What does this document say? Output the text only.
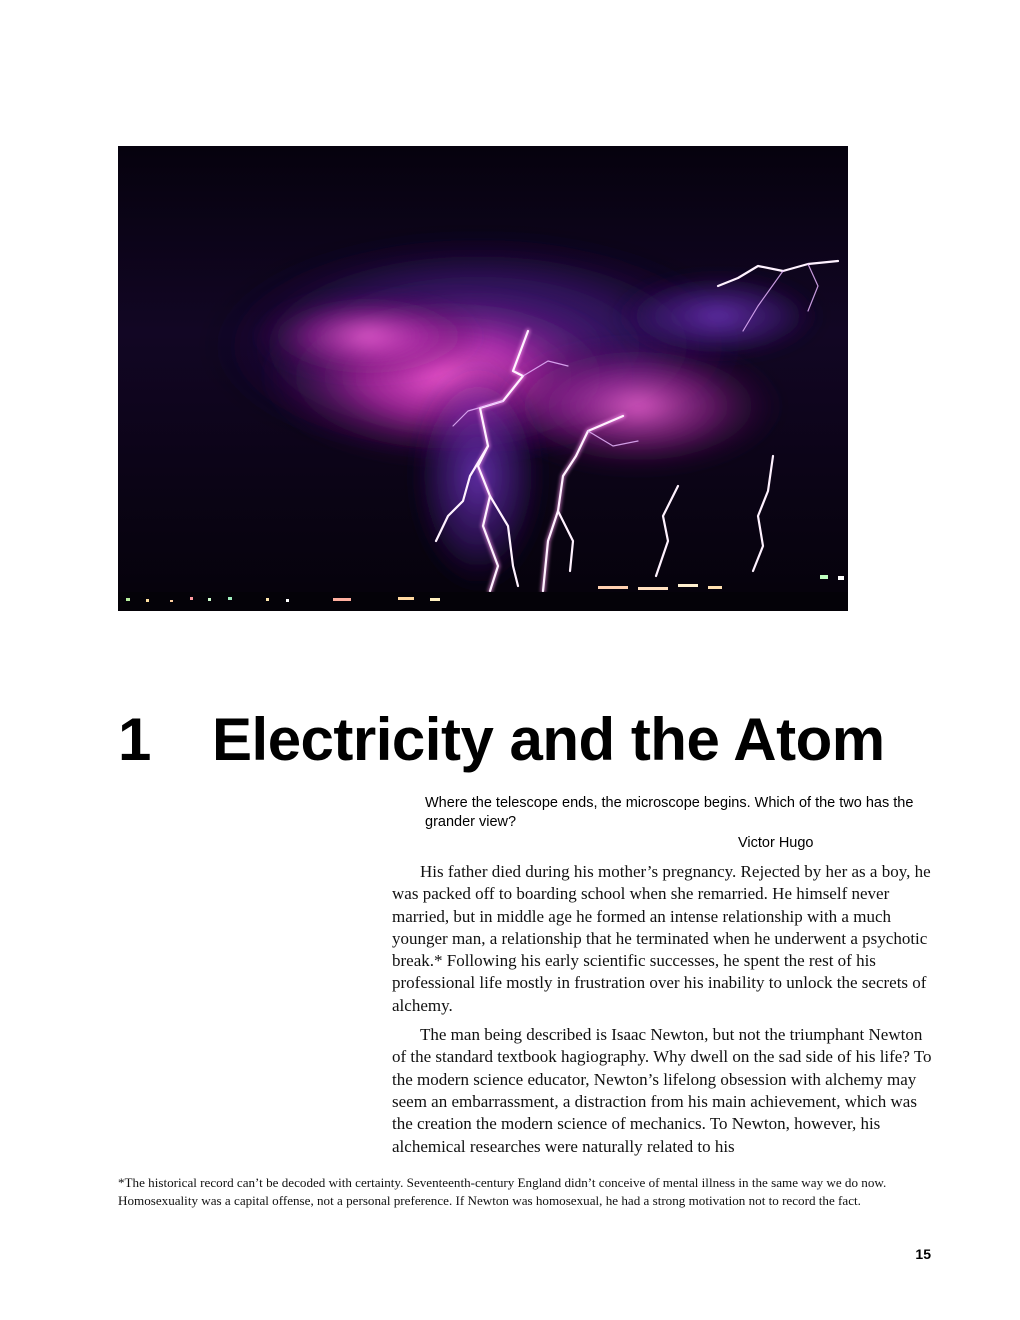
1 Electricity and the Atom

Where the telescope ends, the microscope begins. Which of the two has the grander view?

Victor Hugo

His father died during his mother’s pregnancy. Rejected by her as a boy, he was packed off to boarding school when she remarried. He himself never married, but in middle age he formed an intense relationship with a much younger man, a relationship that he terminated when he underwent a psychotic break.* Following his early scientific successes, he spent the rest of his professional life mostly in frustration over his inability to unlock the secrets of alchemy.

The man being described is Isaac Newton, but not the triumphant Newton of the standard textbook hagiography. Why dwell on the sad side of his life? To the modern science educator, Newton’s lifelong obsession with alchemy may seem an embarrassment, a distraction from his main achievement, which was the creation the modern science of mechanics. To Newton, however, his alchemical researches were naturally related to his

*The historical record can’t be decoded with certainty. Seventeenth-century England didn’t conceive of mental illness in the same way we do now. Homosexuality was a capital offense, not a personal preference. If Newton was homosexual, he had a strong motivation not to record the fact.

15
